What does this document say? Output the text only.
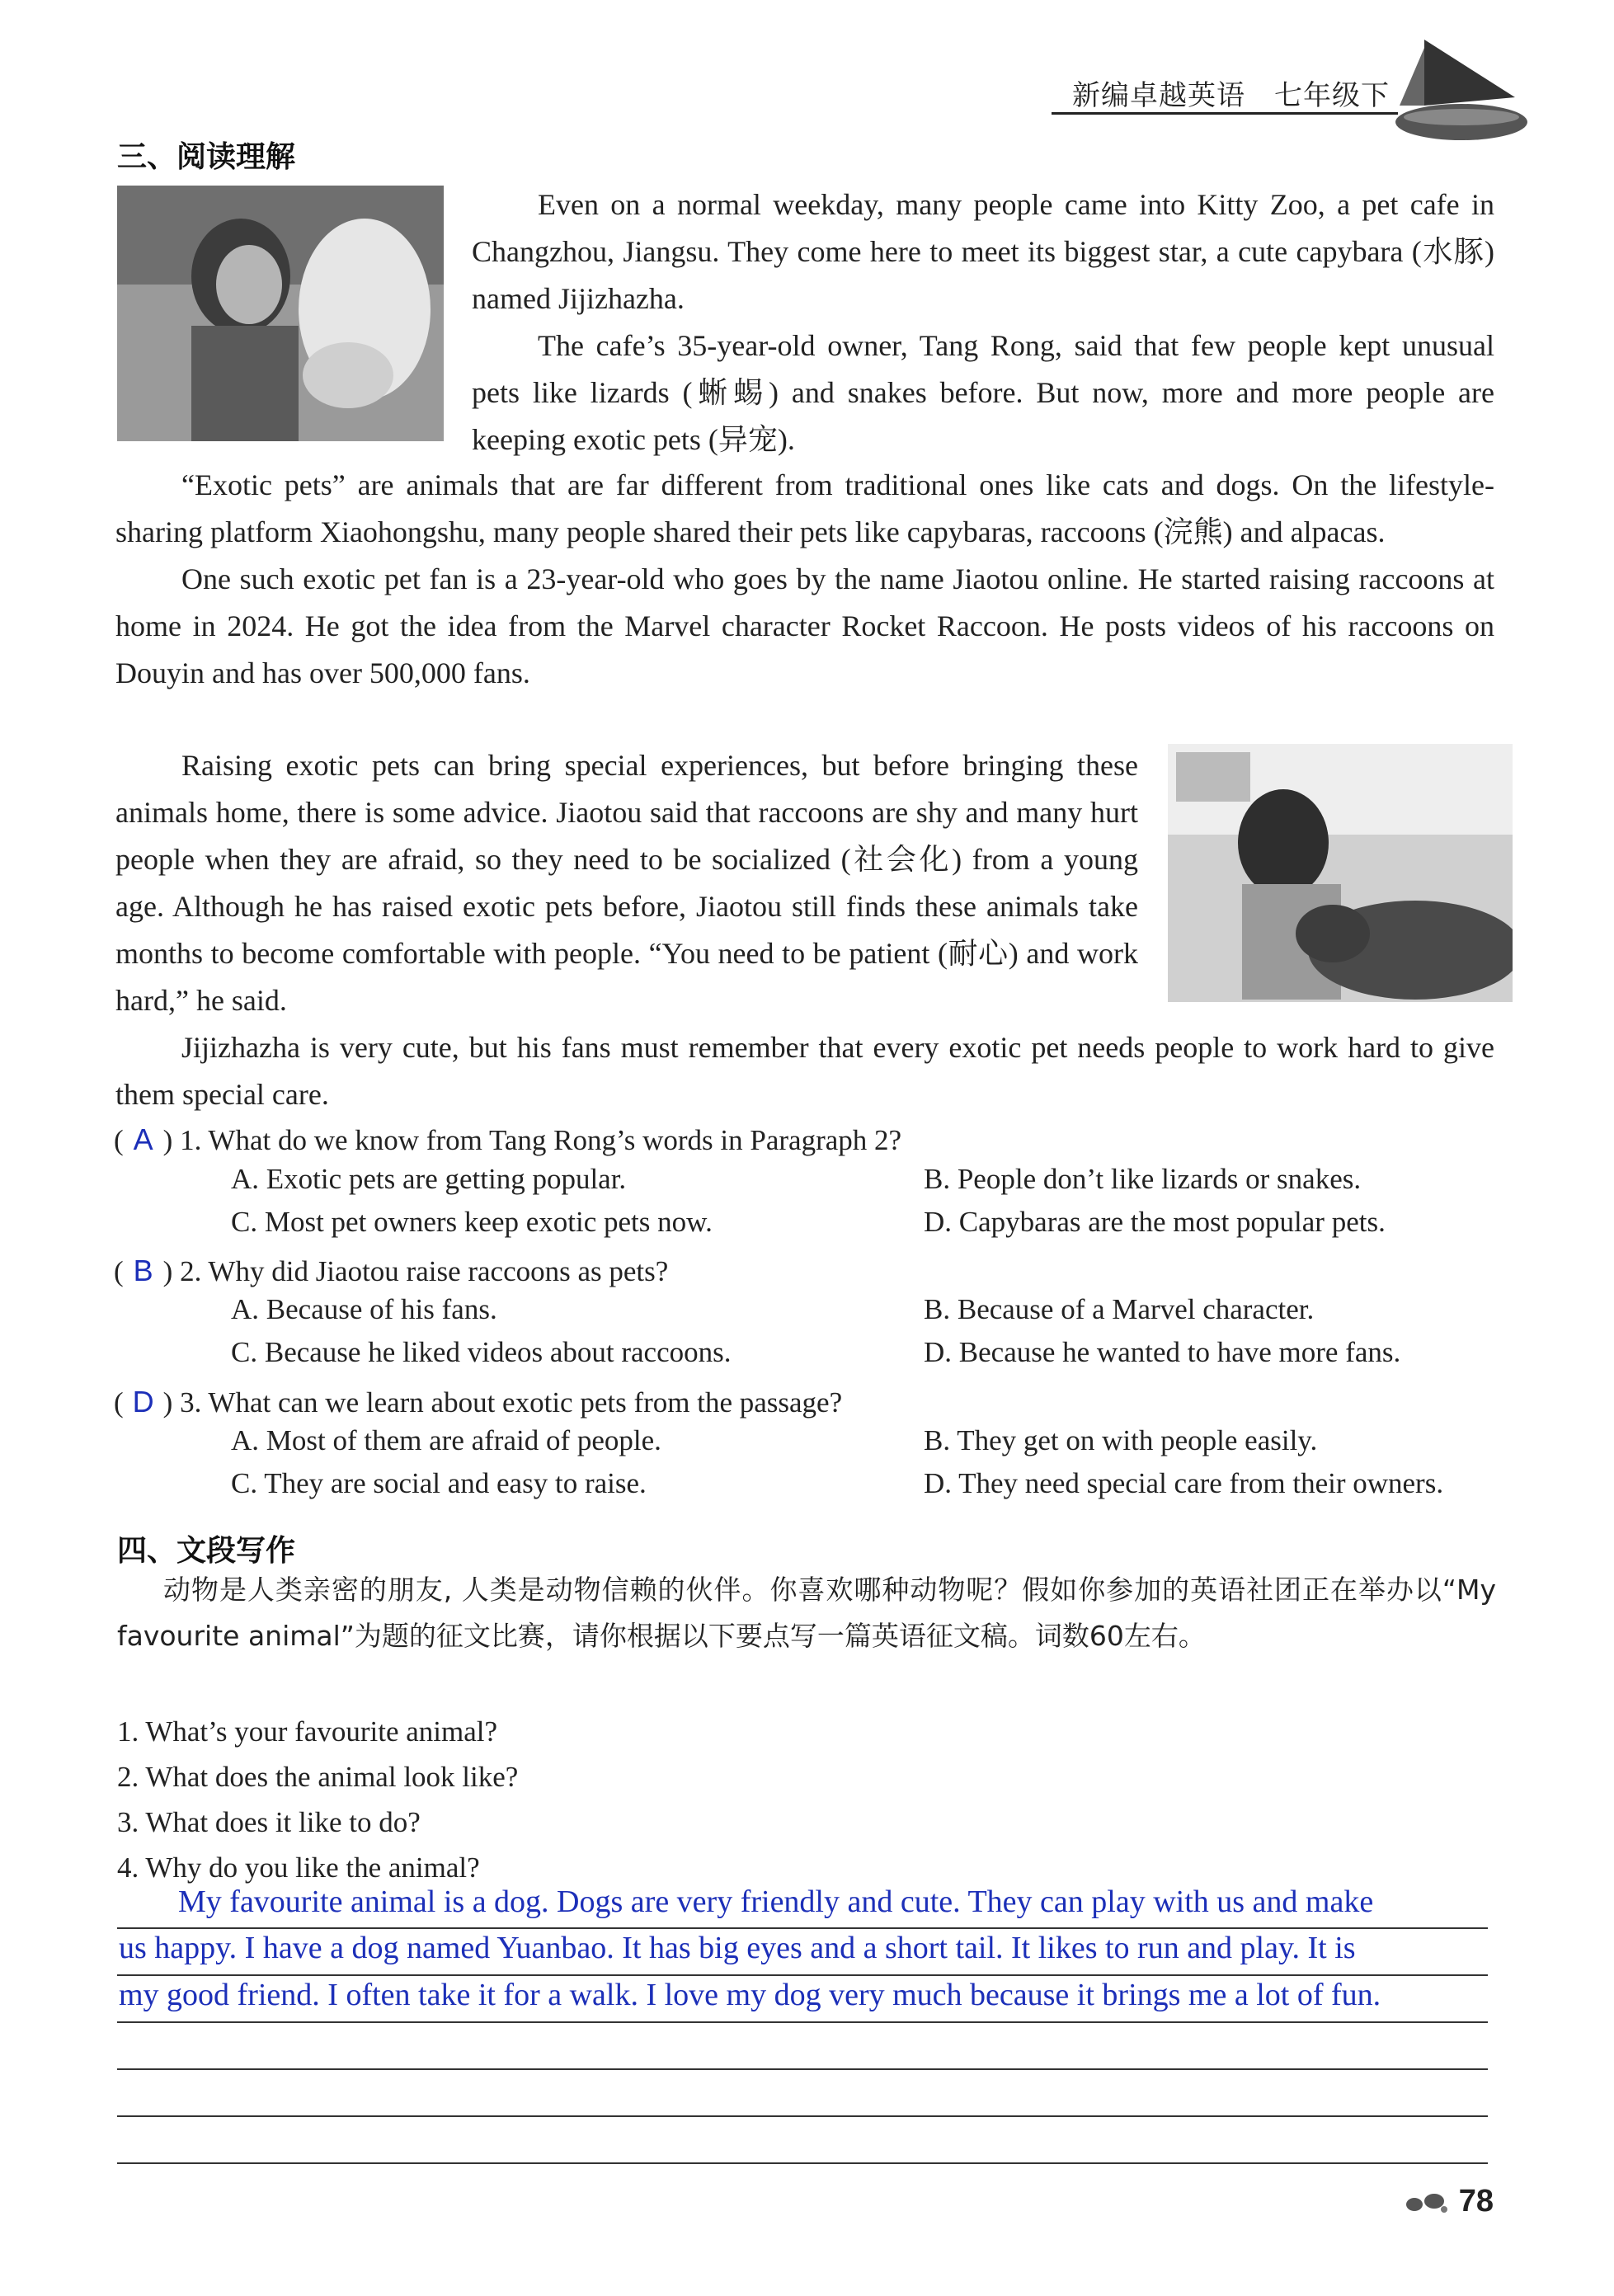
新编卓越英语　七年级下
三、阅读理解

Even on a normal weekday, many people came into Kitty Zoo, a pet cafe in Changzhou, Jiangsu. They come here to meet its biggest star, a cute capybara (水豚) named Jijizhazha.

The cafe’s 35-year-old owner, Tang Rong, said that few people kept unusual pets like lizards (蜥蜴) and snakes before. But now, more and more people are keeping exotic pets (异宠).

“Exotic pets” are animals that are far different from traditional ones like cats and dogs. On the lifestyle-sharing platform Xiaohongshu, many people shared their pets like capybaras, raccoons (浣熊) and alpacas.

One such exotic pet fan is a 23-year-old who goes by the name Jiaotou online. He started raising raccoons at home in 2024. He got the idea from the Marvel character Rocket Raccoon. He posts videos of his raccoons on Douyin and has over 500,000 fans.

Raising exotic pets can bring special experiences, but before bringing these animals home, there is some advice. Jiaotou said that raccoons are shy and many hurt people when they are afraid, so they need to be socialized (社会化) from a young age. Although he has raised exotic pets before, Jiaotou still finds these animals take months to become comfortable with people. “You need to be patient (耐心) and work hard,” he said.

Jijizhazha is very cute, but his fans must remember that every exotic pet needs people to work hard to give them special care.

( A ) 1. What do we know from Tang Rong’s words in Paragraph 2?
A. Exotic pets are getting popular.	B. People don’t like lizards or snakes.
C. Most pet owners keep exotic pets now.	D. Capybaras are the most popular pets.
( B ) 2. Why did Jiaotou raise raccoons as pets?
A. Because of his fans.	B. Because of a Marvel character.
C. Because he liked videos about raccoons.	D. Because he wanted to have more fans.
( D ) 3. What can we learn about exotic pets from the passage?
A. Most of them are afraid of people.	B. They get on with people easily.
C. They are social and easy to raise.	D. They need special care from their owners.
四、文段写作
动物是人类亲密的朋友, 人类是动物信赖的伙伴。你喜欢哪种动物呢？假如你参加的英语社团正在举办以“My favourite animal”为题的征文比赛，请你根据以下要点写一篇英语征文稿。词数60左右。
1. What’s your favourite animal?
2. What does the animal look like?
3. What does it like to do?
4. Why do you like the animal?
My favourite animal is a dog. Dogs are very friendly and cute. They can play with us and make
us happy. I have a dog named Yuanbao. It has big eyes and a short tail. It likes to run and play. It is
my good friend. I often take it for a walk. I love my dog very much because it brings me a lot of fun.
78
